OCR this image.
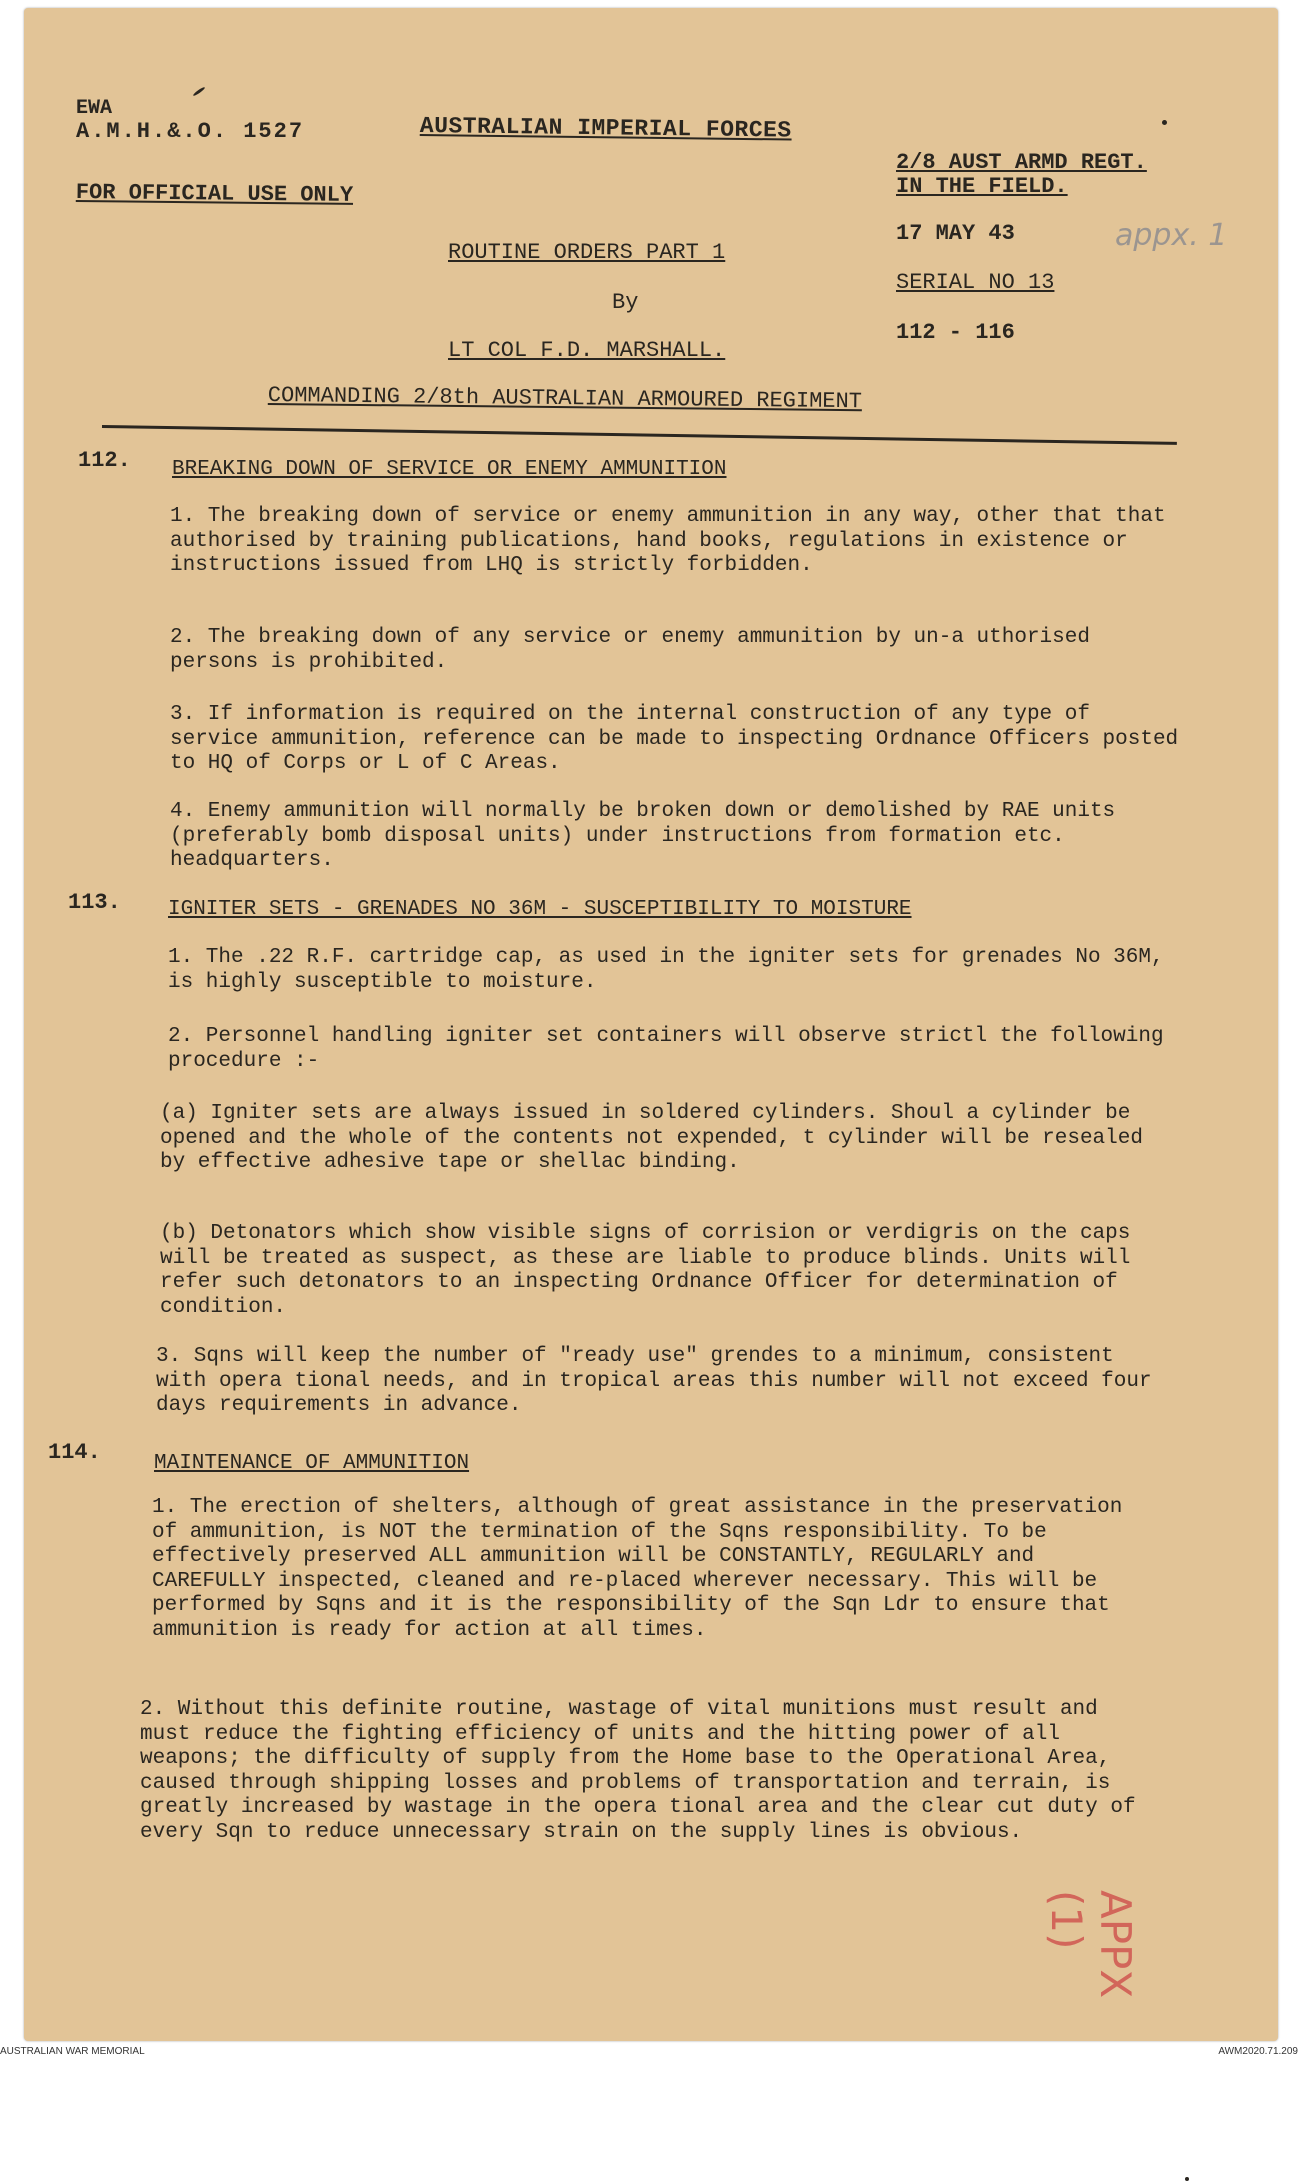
EWA
A.M.H.&.O. 1527
FOR OFFICIAL USE ONLY
AUSTRALIAN IMPERIAL FORCES
2/8 AUST ARMD REGT.
IN THE FIELD.
17 MAY 43
SERIAL NO 13
112 - 116
appx. 1
ROUTINE ORDERS PART 1
By
LT COL F.D. MARSHALL.
COMMANDING 2/8th AUSTRALIAN ARMOURED REGIMENT
112. BREAKING DOWN OF SERVICE OR ENEMY AMMUNITION
1. The breaking down of service or enemy ammunition in any way, other that that authorised by training publications, hand books, regulations in existence or instructions issued from LHQ is strictly forbidden.
2. The breaking down of any service or enemy ammunition by un-a uthorised persons is prohibited.
3. If information is required on the internal construction of any type of service ammunition, reference can be made to inspecting Ordnance Officers posted to HQ of Corps or L of C Areas.
4. Enemy ammunition will normally be broken down or demolished by RAE units (preferably bomb disposal units) under instructions from formation etc. headquarters.
113. IGNITER SETS - GRENADES NO 36M - SUSCEPTIBILITY TO MOISTURE
1. The .22 R.F. cartridge cap, as used in the igniter sets for grenades No 36M, is highly susceptible to moisture.
2. Personnel handling igniter set containers will observe strictl the following procedure :-
(a) Igniter sets are always issued in soldered cylinders. Shoul a cylinder be opened and the whole of the contents not expended, t cylinder will be resealed by effective adhesive tape or shellac binding.
(b) Detonators which show visible signs of corrision or verdigris on the caps will be treated as suspect, as these are liable to produce blinds. Units will refer such detonators to an inspecting Ordnance Officer for determination of condition.
3. Sqns will keep the number of "ready use" grendes to a minimum, consistent with opera tional needs, and in tropical areas this number will not exceed four days requirements in advance.
114.	MAINTENANCE OF AMMUNITION
1. The erection of shelters, although of great assistance in the preservation of ammunition, is NOT the termination of the Sqns responsibility. To be effectively preserved ALL ammunition will be CONSTANTLY, REGULARLY and CAREFULLY inspected, cleaned and re-placed wherever necessary. This will be performed by Sqns and it is the responsibility of the Sqn Ldr to ensure that ammunition is ready for action at all times.
2. Without this definite routine, wastage of vital munitions must result and must reduce the fighting efficiency of units and the hitting power of all weapons; the difficulty of supply from the Home base to the Operational Area, caused through shipping losses and problems of transportation and terrain, is greatly increased by wastage in the opera tional area and the clear cut duty of every Sqn to reduce unnecessary strain on the supply lines is obvious.
APPX (1)
AUSTRALIAN WAR MEMORIAL	AWM2020.71.209
